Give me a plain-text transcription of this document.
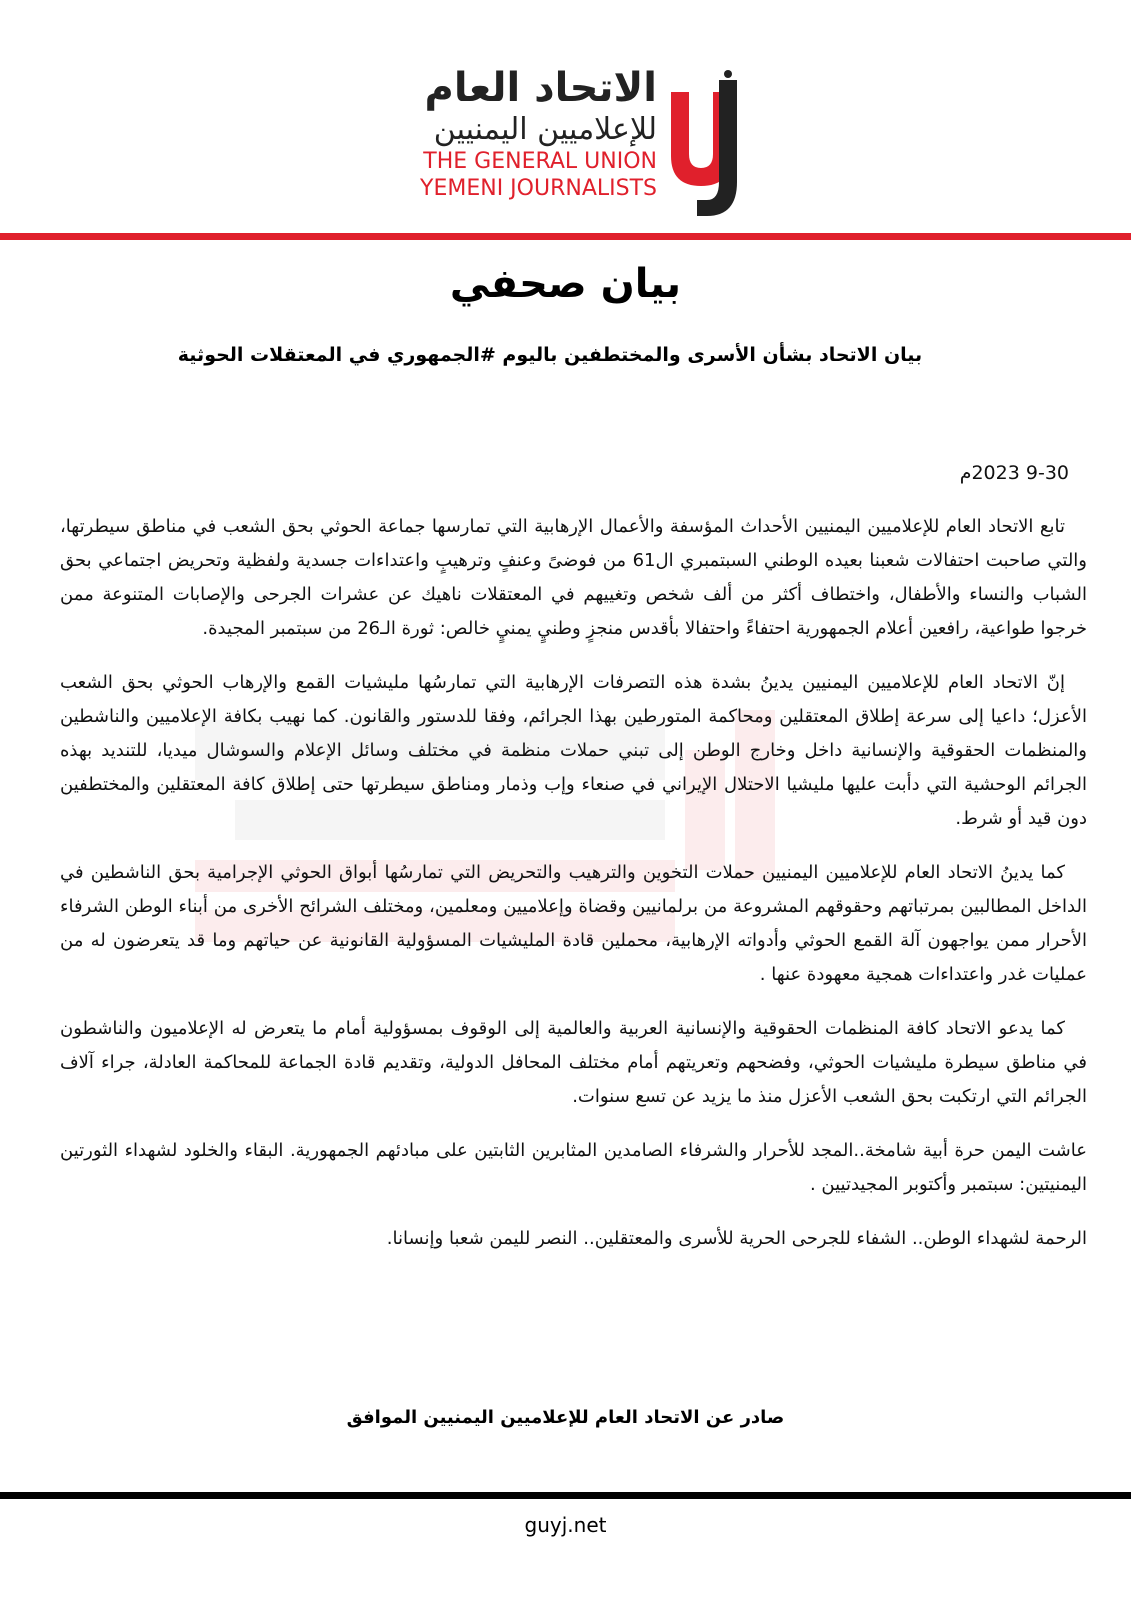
الاتحاد العام
للإعلاميين اليمنيين
THE GENERAL UNION
YEMENI JOURNALISTS
بيان صحفي
بيان الاتحاد بشأن الأسرى والمختطفين باليوم #الجمهوري في المعتقلات الحوثية
9-30 2023م

تابع الاتحاد العام للإعلاميين اليمنيين الأحداث المؤسفة والأعمال الإرهابية التي تمارسها جماعة الحوثي بحق الشعب في مناطق سيطرتها، والتي صاحبت احتفالات شعبنا بعيده الوطني السبتمبري ال61 من فوضىً وعنفٍ وترهيبٍ واعتداءات جسدية ولفظية وتحريض اجتماعي بحق الشباب والنساء والأطفال، واختطاف أكثر من ألف شخص وتغييهم في المعتقلات ناهيك عن عشرات الجرحى والإصابات المتنوعة ممن خرجوا طواعية، رافعين أعلام الجمهورية احتفاءً واحتفالا بأقدس منجزٍ وطنيٍ يمنيٍ خالص: ثورة الـ26 من سبتمبر المجيدة.

إنّ الاتحاد العام للإعلاميين اليمنيين يدينُ بشدة هذه التصرفات الإرهابية التي تمارسُها مليشيات القمع والإرهاب الحوثي بحق الشعب الأعزل؛ داعيا إلى سرعة إطلاق المعتقلين ومحاكمة المتورطين بهذا الجرائم، وفقا للدستور والقانون. كما نهيب بكافة الإعلاميين والناشطين والمنظمات الحقوقية والإنسانية داخل وخارج الوطن إلى تبني حملات منظمة في مختلف وسائل الإعلام والسوشال ميديا، للتنديد بهذه الجرائم الوحشية التي دأبت عليها مليشيا الاحتلال الإيراني في صنعاء وإب وذمار ومناطق سيطرتها حتى إطلاق كافة المعتقلين والمختطفين دون قيد أو شرط.

كما يدينُ الاتحاد العام للإعلاميين اليمنيين حملات التخوين والترهيب والتحريض التي تمارسُها أبواق الحوثي الإجرامية بحق الناشطين في الداخل المطالبين بمرتباتهم وحقوقهم المشروعة من برلمانيين وقضاة وإعلاميين ومعلمين، ومختلف الشرائح الأخرى من أبناء الوطن الشرفاء الأحرار ممن يواجهون آلة القمع الحوثي وأدواته الإرهابية، محملين قادة المليشيات المسؤولية القانونية عن حياتهم وما قد يتعرضون له من عمليات غدر واعتداءات همجية معهودة عنها .

كما يدعو الاتحاد كافة المنظمات الحقوقية والإنسانية العربية والعالمية إلى الوقوف بمسؤولية أمام ما يتعرض له الإعلاميون والناشطون في مناطق سيطرة مليشيات الحوثي، وفضحهم وتعريتهم أمام مختلف المحافل الدولية، وتقديم قادة الجماعة للمحاكمة العادلة، جراء آلاف الجرائم التي ارتكبت بحق الشعب الأعزل منذ ما يزيد عن تسع سنوات.

عاشت اليمن حرة أبية شامخة..المجد للأحرار والشرفاء الصامدين المثابرين الثابتين على مبادئهم الجمهورية. البقاء والخلود لشهداء الثورتين اليمنيتين: سبتمبر وأكتوبر المجيدتيين .

الرحمة لشهداء الوطن.. الشفاء للجرحى الحرية للأسرى والمعتقلين.. النصر لليمن شعبا وإنسانا.

صادر عن الاتحاد العام للإعلاميين اليمنيين الموافق
guyj.net
